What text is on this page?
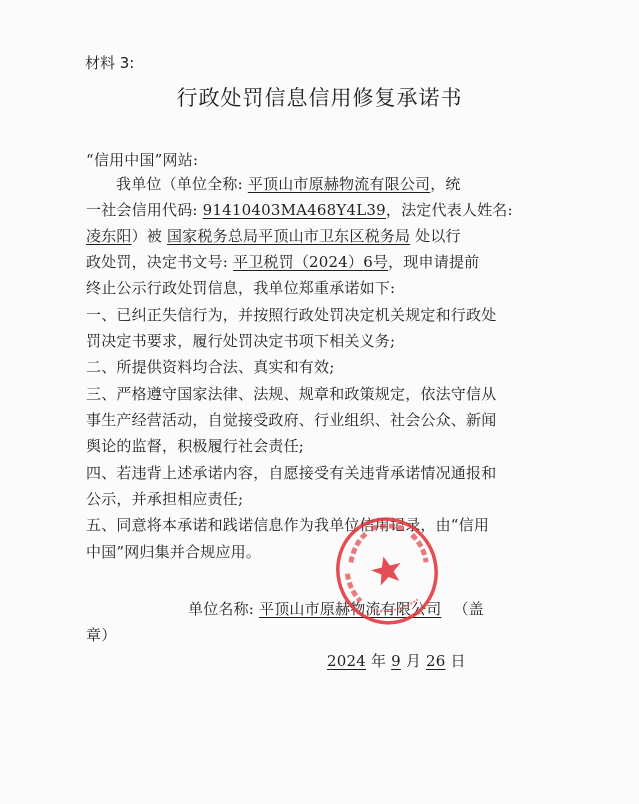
材料 3:
行政处罚信息信用修复承诺书
“信用中国”网站:
我单位（单位全称: 平顶山市原赫物流有限公司，统
一社会信用代码: 91410403MA468Y4L39，法定代表人姓名:
凌东阳）被 国家税务总局平顶山市卫东区税务局 处以行
政处罚，决定书文号: 平卫税罚（2024）6号，现申请提前
终止公示行政处罚信息，我单位郑重承诺如下:
一、已纠正失信行为，并按照行政处罚决定机关规定和行政处
罚决定书要求，履行处罚决定书项下相关义务;
二、所提供资料均合法、真实和有效;
三、严格遵守国家法律、法规、规章和政策规定，依法守信从
事生产经营活动，自觉接受政府、行业组织、社会公众、新闻
舆论的监督，积极履行社会责任;
四、若违背上述承诺内容，自愿接受有关违背承诺情况通报和
公示，并承担相应责任;
五、同意将本承诺和践诺信息作为我单位信用记录，由“信用
中国”网归集并合规应用。
单位名称: 平顶山市原赫物流有限公司 （盖
章）
2024 年 9 月 26 日
